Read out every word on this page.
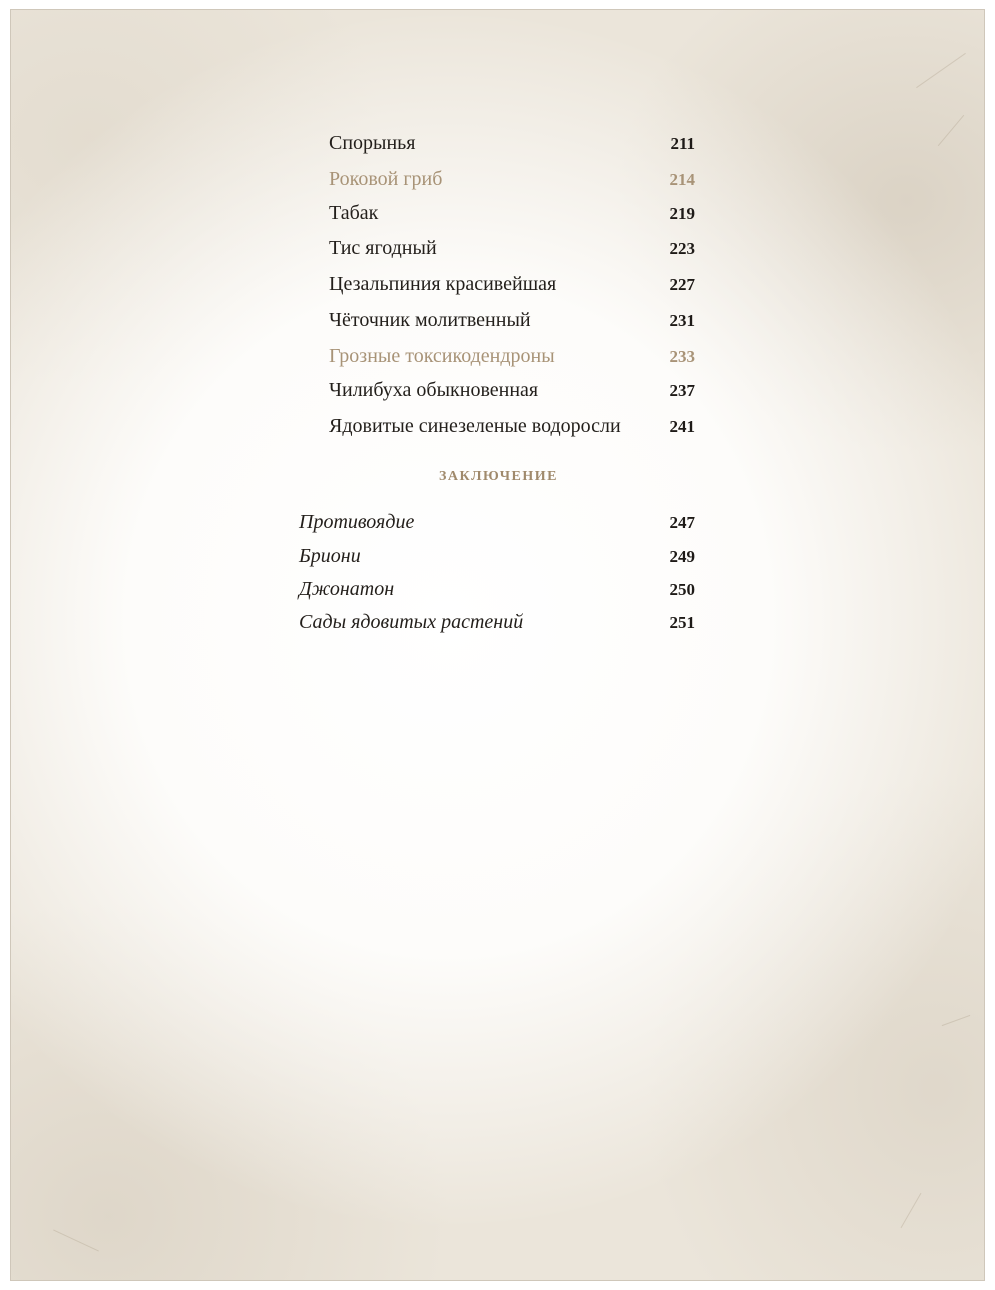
Спорынья	211
Роковой гриб	214
Табак	219
Тис ягодный	223
Цезальпиния красивейшая	227
Чёточник молитвенный	231
Грозные токсикодендроны	233
Чилибуха обыкновенная	237
Ядовитые синезеленые водоросли	241
ЗАКЛЮЧЕНИЕ
Противоядие	247
Бриони	249
Джонатон	250
Сады ядовитых растений	251
